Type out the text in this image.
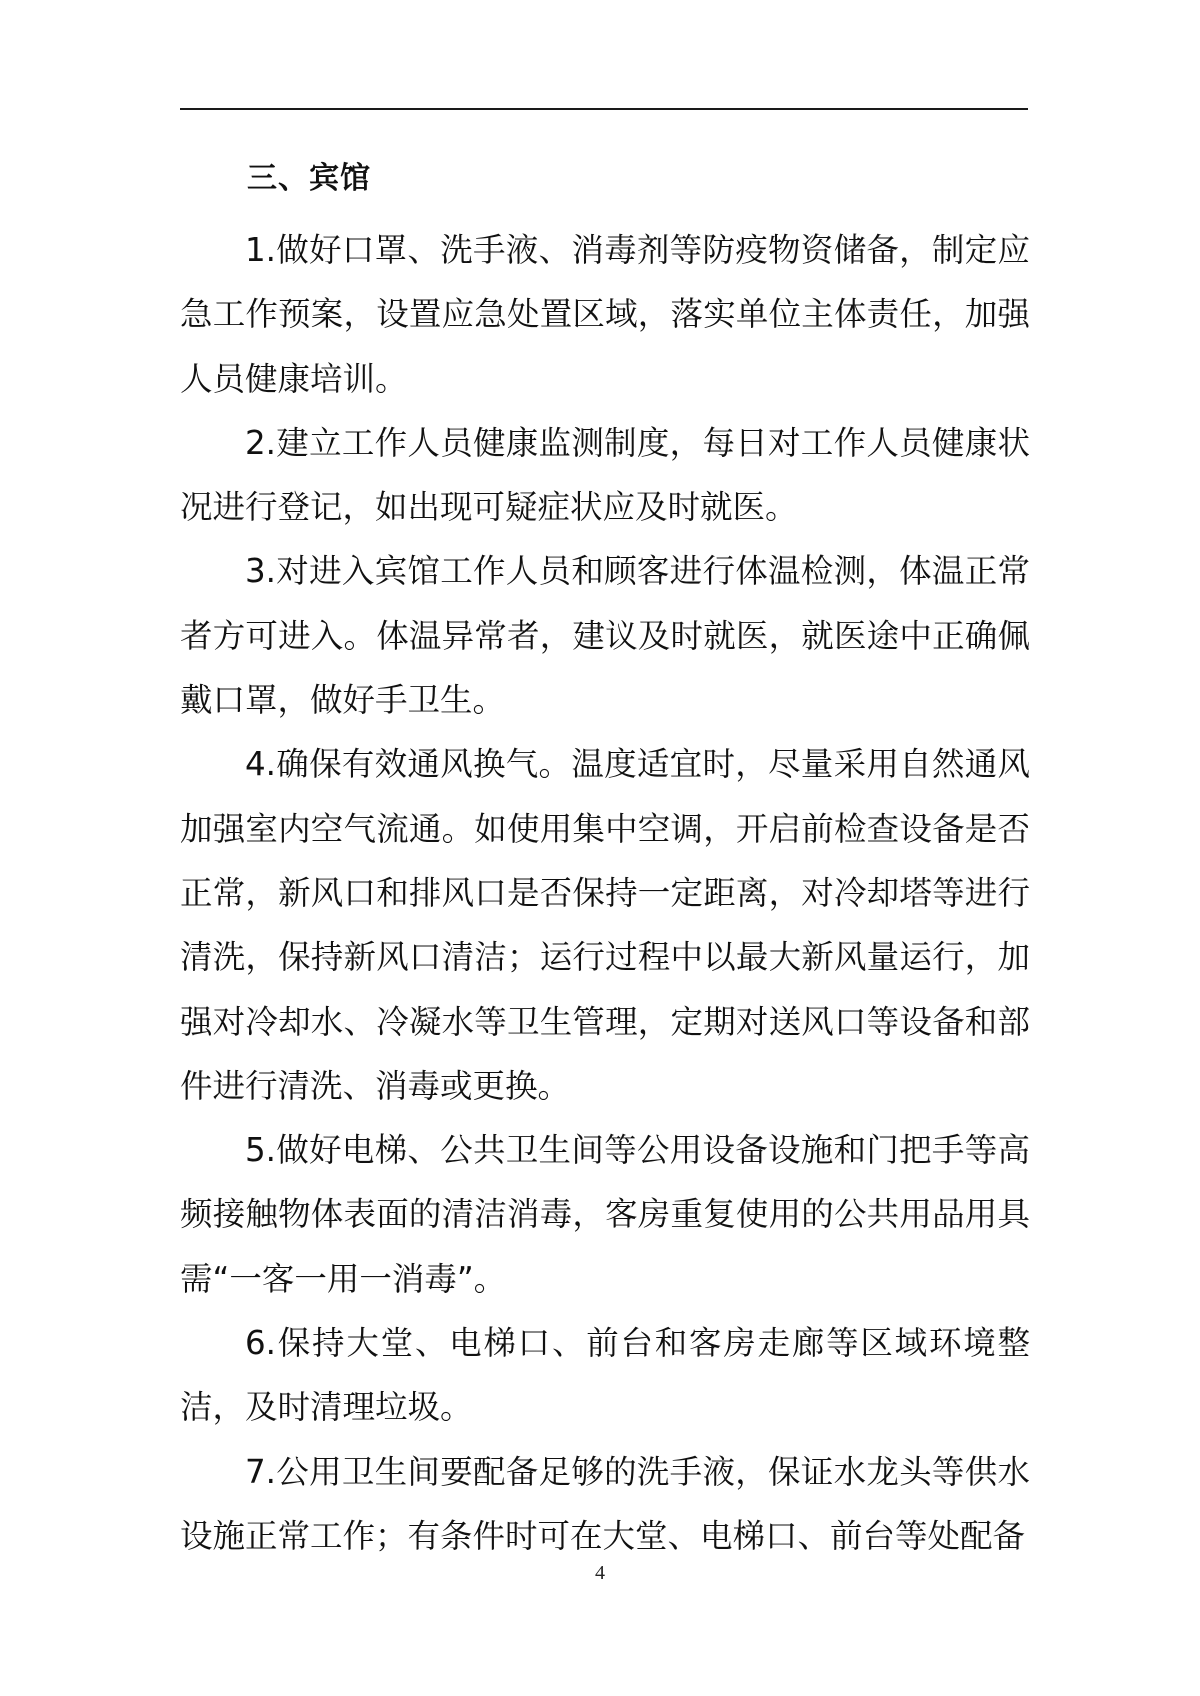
三、宾馆

1.做好口罩、洗手液、消毒剂等防疫物资储备，制定应急工作预案，设置应急处置区域，落实单位主体责任，加强人员健康培训。

2.建立工作人员健康监测制度，每日对工作人员健康状况进行登记，如出现可疑症状应及时就医。

3.对进入宾馆工作人员和顾客进行体温检测，体温正常者方可进入。体温异常者，建议及时就医，就医途中正确佩戴口罩，做好手卫生。

4.确保有效通风换气。温度适宜时，尽量采用自然通风加强室内空气流通。如使用集中空调，开启前检查设备是否正常，新风口和排风口是否保持一定距离，对冷却塔等进行清洗，保持新风口清洁；运行过程中以最大新风量运行，加强对冷却水、冷凝水等卫生管理，定期对送风口等设备和部件进行清洗、消毒或更换。

5.做好电梯、公共卫生间等公用设备设施和门把手等高频接触物体表面的清洁消毒，客房重复使用的公共用品用具需“一客一用一消毒”。

6.保持大堂、电梯口、前台和客房走廊等区域环境整洁，及时清理垃圾。

7.公用卫生间要配备足够的洗手液，保证水龙头等供水设施正常工作；有条件时可在大堂、电梯口、前台等处配备

4
